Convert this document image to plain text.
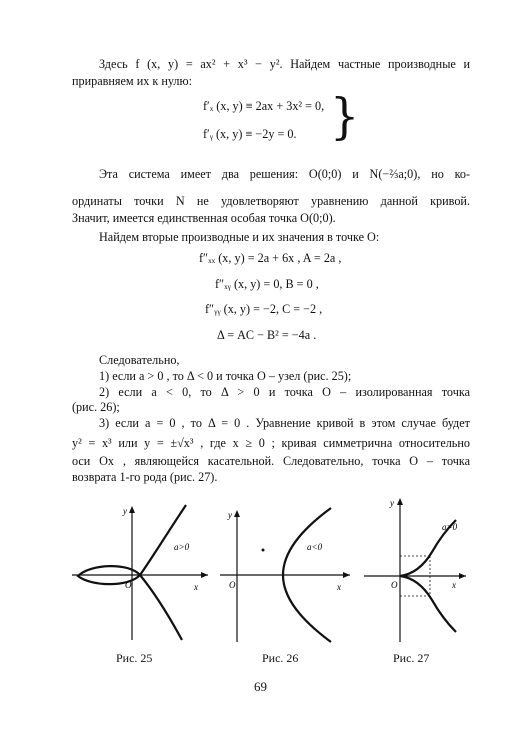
Здесь f (x, y) = ax² + x³ − y². Найдем частные производные и
приравняем их к нулю:
f′ₓ (x, y) ≡ 2ax + 3x² = 0,
f′ᵧ (x, y) ≡ −2y = 0. }
Эта система имеет два решения: O(0;0) и N(−⅔a;0), но ко-
ординаты точки N не удовлетворяют уравнению данной кривой.
Значит, имеется единственная особая точка O(0;0).
Найдем вторые производные и их значения в точке O:
f″ₓₓ (x, y) = 2a + 6x , A = 2a ,
f″ₓᵧ (x, y) = 0, B = 0 ,
f″ᵧᵧ (x, y) = −2, C = −2 ,
Δ = AC − B² = −4a .
Следовательно,
1) если a > 0 , то Δ < 0 и точка O – узел (рис. 25);
2) если a < 0, то Δ > 0 и точка O – изолированная точка
(рис. 26);
3) если a = 0 , то Δ = 0 . Уравнение кривой в этом случае будет
y² = x³ или y = ±√x³ , где x ≥ 0 ; кривая симметрична относительно
оси Ox , являющейся касательной. Следовательно, точка O – точка
возврата 1-го рода (рис. 27).
a>0
x
y
O
a<0
x
y
O
a=0
x
y
O
Рис. 25	Рис. 26	Рис. 27
69
